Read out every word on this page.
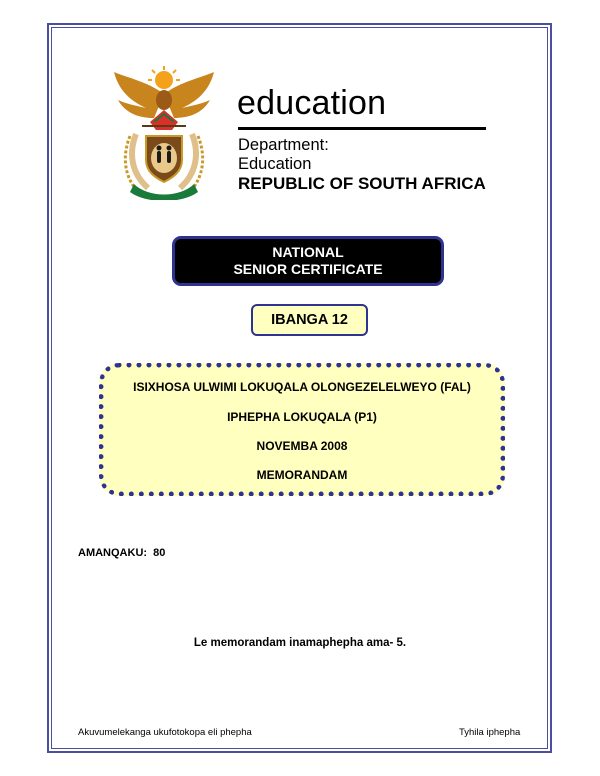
education
Department:
Education
REPUBLIC OF SOUTH AFRICA
NATIONAL
SENIOR CERTIFICATE
IBANGA 12
ISIXHOSA ULWIMI LOKUQALA OLONGEZELELWEYO (FAL)
IPHEPHA LOKUQALA (P1)
NOVEMBA 2008
MEMORANDAM
AMANQAKU: 80
Le memorandam inamaphepha ama- 5.
Akuvumelekanga ukufotokopa eli phepha	Tyhila iphepha
